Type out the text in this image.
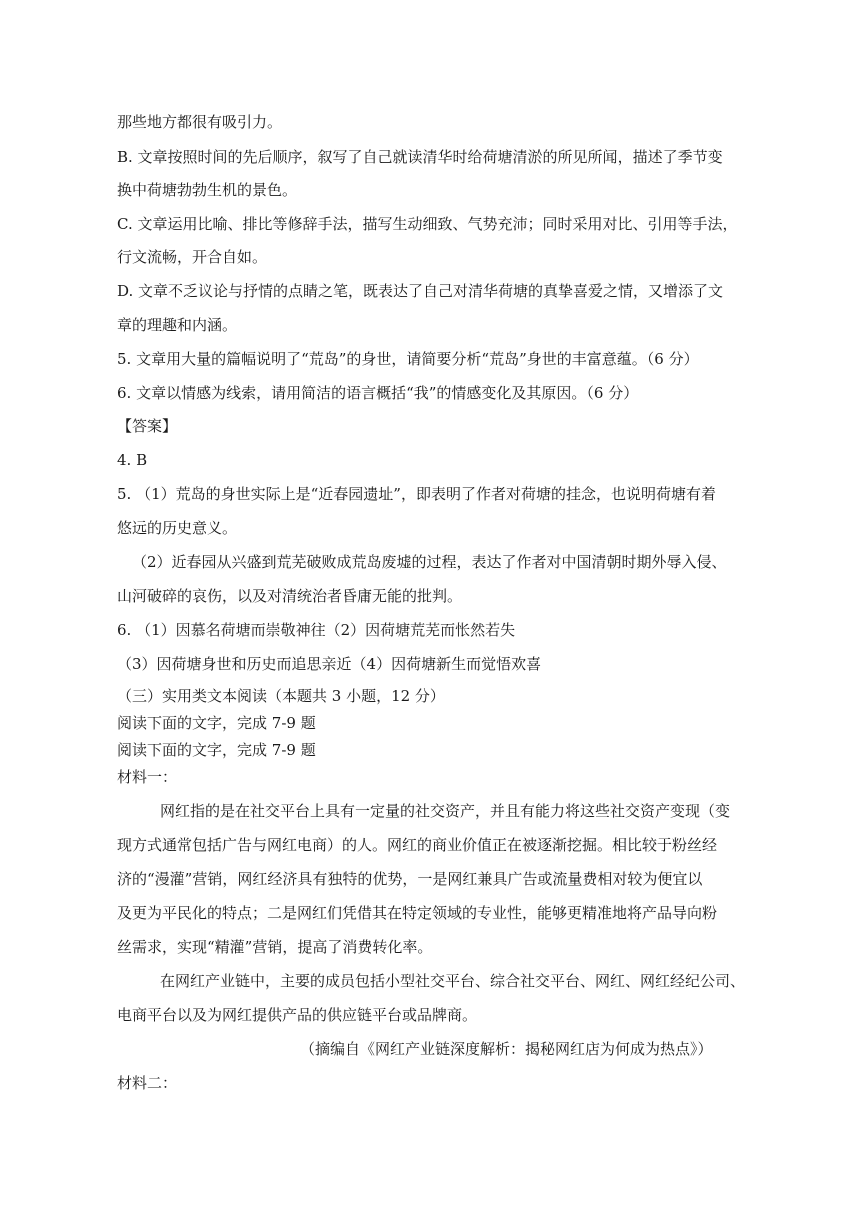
那些地方都很有吸引力。
B. 文章按照时间的先后顺序，叙写了自己就读清华时给荷塘清淤的所见所闻，描述了季节变
换中荷塘勃勃生机的景色。
C. 文章运用比喻、排比等修辞手法，描写生动细致、气势充沛；同时采用对比、引用等手法，
行文流畅，开合自如。
D. 文章不乏议论与抒情的点睛之笔，既表达了自己对清华荷塘的真挚喜爱之情，又增添了文
章的理趣和内涵。
5. 文章用大量的篇幅说明了“荒岛”的身世，请简要分析“荒岛”身世的丰富意蕴。（6 分）
6. 文章以情感为线索，请用简洁的语言概括“我”的情感变化及其原因。（6 分）
【答案】
4. B
5. （1）荒岛的身世实际上是“近春园遗址”，即表明了作者对荷塘的挂念，也说明荷塘有着
悠远的历史意义。
（2）近春园从兴盛到荒芜破败成荒岛废墟的过程，表达了作者对中国清朝时期外辱入侵、
山河破碎的哀伤，以及对清统治者昏庸无能的批判。
6. （1）因慕名荷塘而崇敬神往（2）因荷塘荒芜而怅然若失
（3）因荷塘身世和历史而追思亲近（4）因荷塘新生而觉悟欢喜
（三）实用类文本阅读（本题共 3 小题，12 分）
阅读下面的文字，完成 7-9 题
阅读下面的文字，完成 7-9 题
材料一：
网红指的是在社交平台上具有一定量的社交资产，并且有能力将这些社交资产变现（变
现方式通常包括广告与网红电商）的人。网红的商业价值正在被逐渐挖掘。相比较于粉丝经
济的“漫灌”营销，网红经济具有独特的优势，一是网红兼具广告或流量费相对较为便宜以
及更为平民化的特点；二是网红们凭借其在特定领域的专业性，能够更精准地将产品导向粉
丝需求，实现“精灌”营销，提高了消费转化率。
在网红产业链中，主要的成员包括小型社交平台、综合社交平台、网红、网红经纪公司、
电商平台以及为网红提供产品的供应链平台或品牌商。
（摘编自《网红产业链深度解析：揭秘网红店为何成为热点》）
材料二：
